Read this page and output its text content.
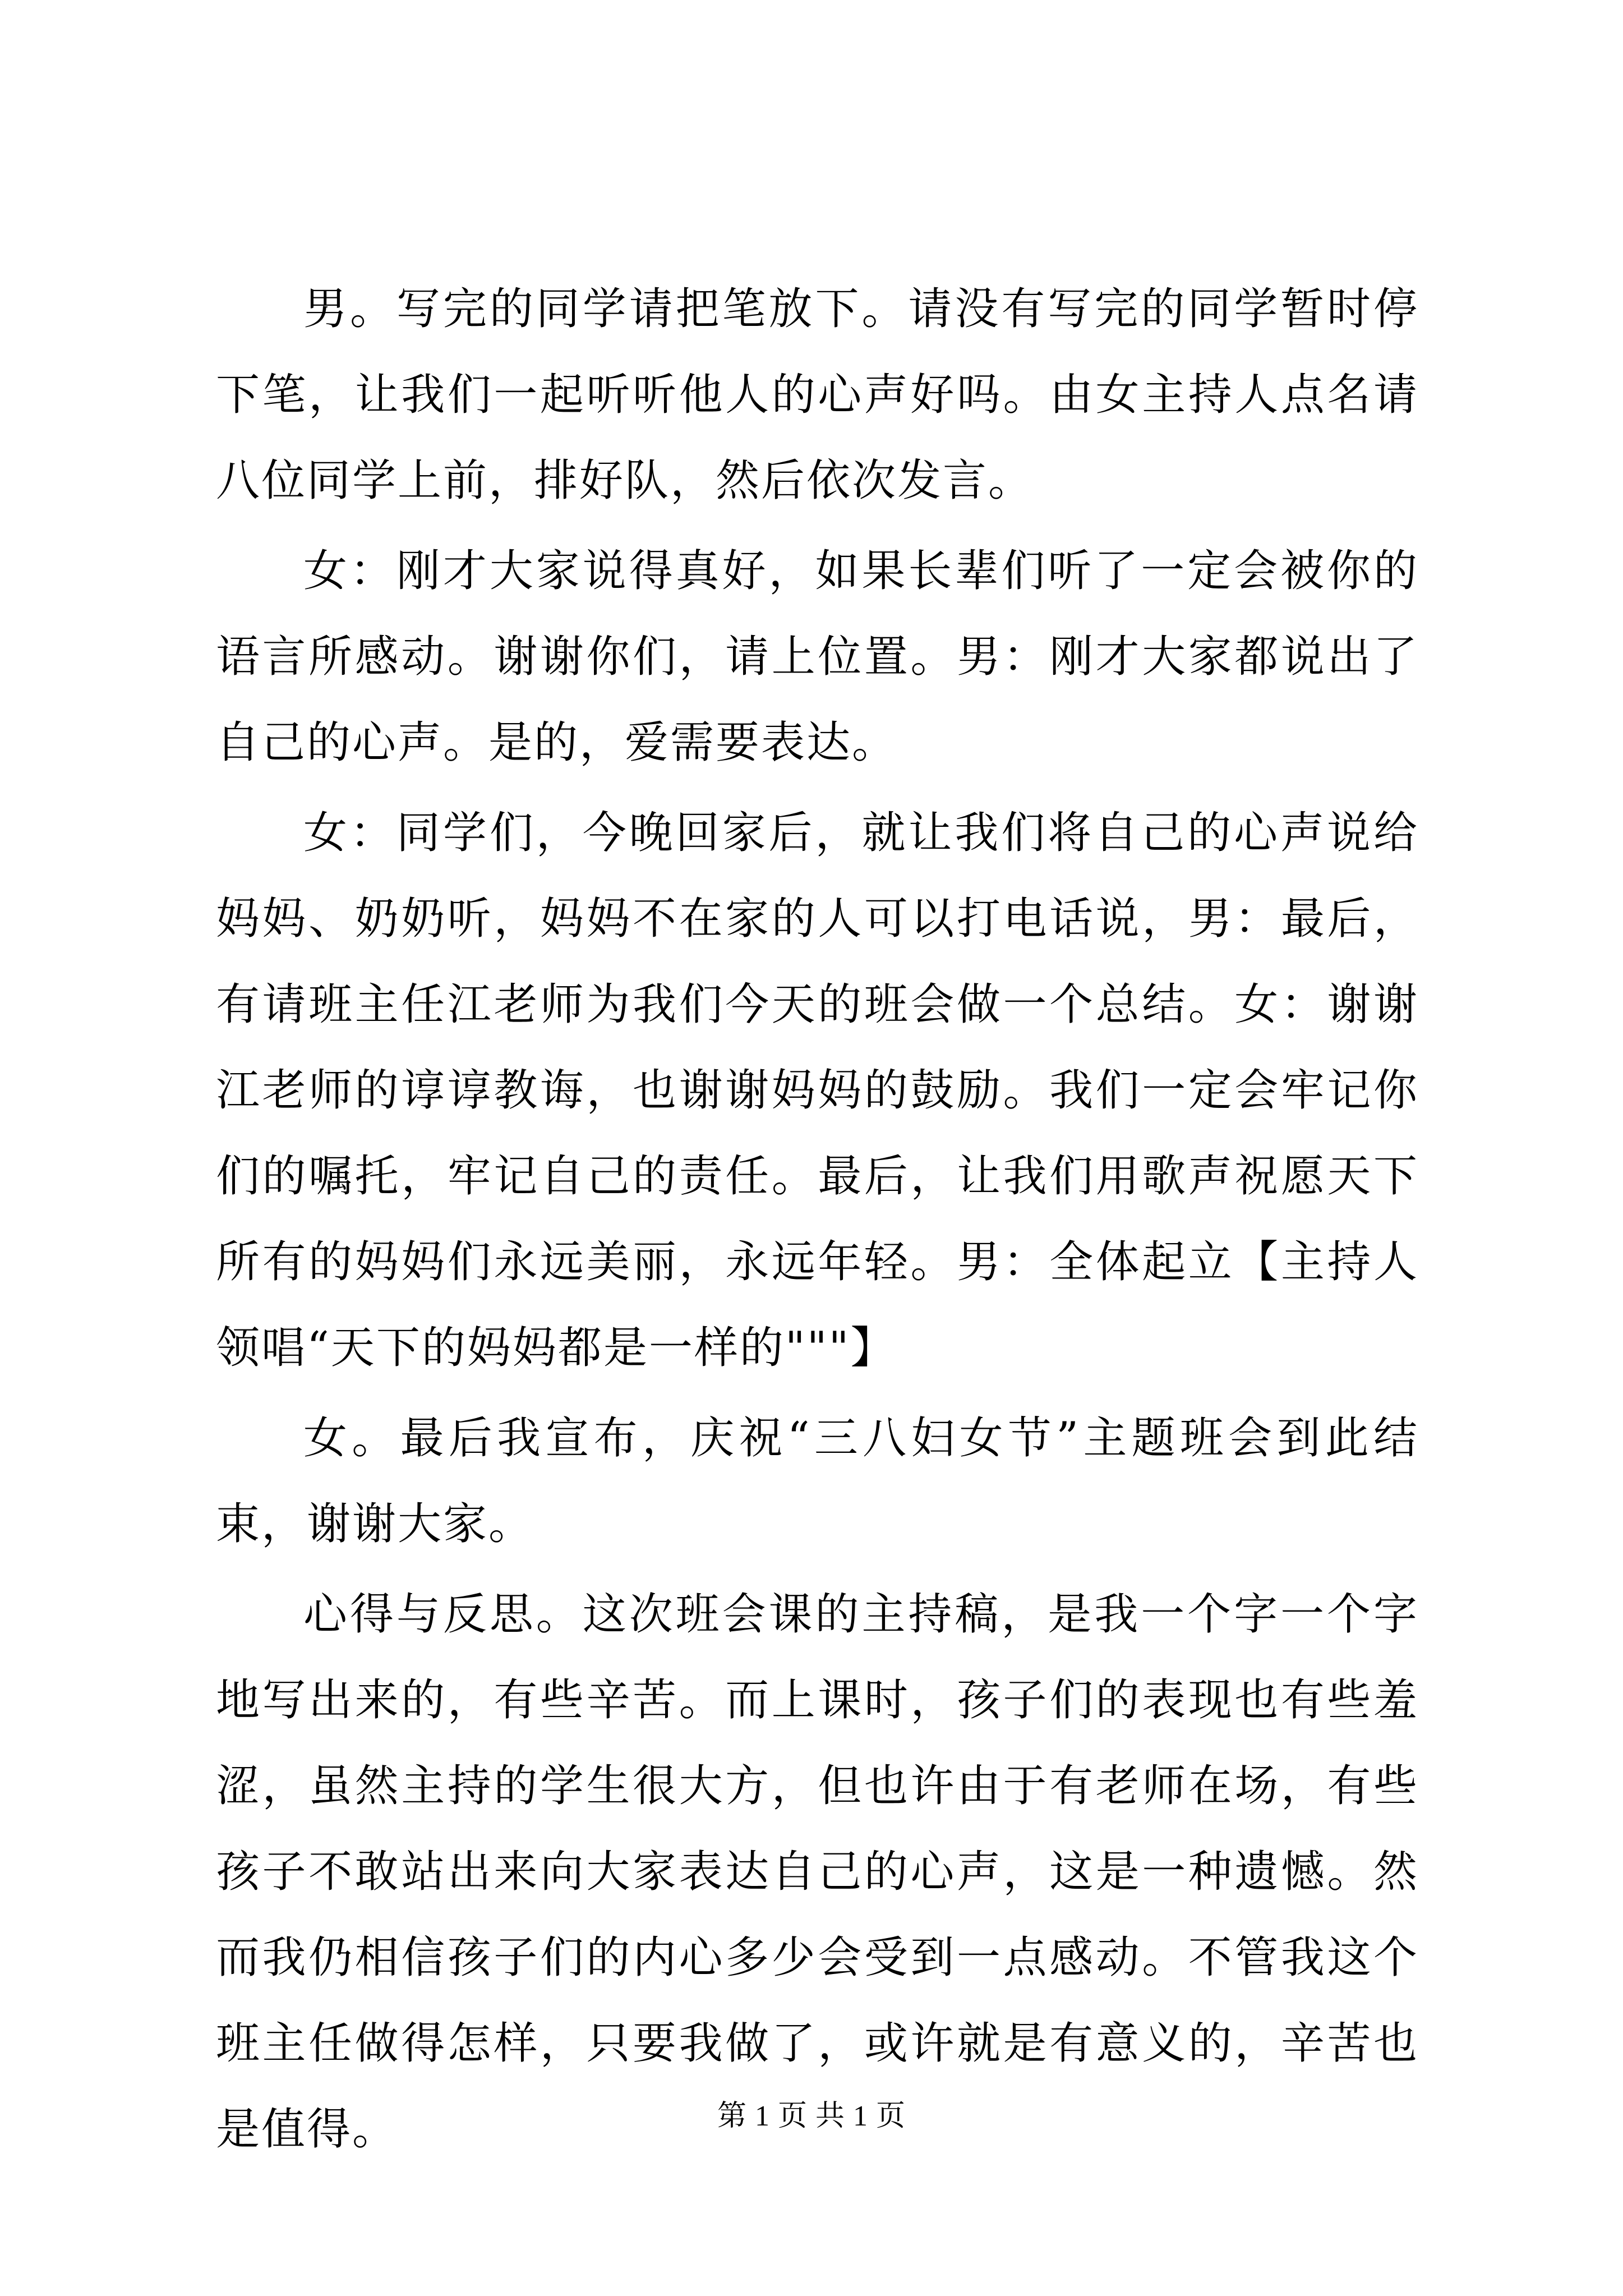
男。写完的同学请把笔放下。请没有写完的同学暂时停下笔，让我们一起听听他人的心声好吗。由女主持人点名请八位同学上前，排好队，然后依次发言。

女：刚才大家说得真好，如果长辈们听了一定会被你的语言所感动。谢谢你们，请上位置。男：刚才大家都说出了自己的心声。是的，爱需要表达。

女：同学们，今晚回家后，就让我们将自己的心声说给妈妈、奶奶听，妈妈不在家的人可以打电话说，男：最后，有请班主任江老师为我们今天的班会做一个总结。女：谢谢江老师的谆谆教诲，也谢谢妈妈的鼓励。我们一定会牢记你们的嘱托，牢记自己的责任。最后，让我们用歌声祝愿天下所有的妈妈们永远美丽，永远年轻。男：全体起立【主持人领唱“天下的妈妈都是一样的"""】

女。最后我宣布，庆祝“三八妇女节”主题班会到此结束，谢谢大家。

心得与反思。这次班会课的主持稿，是我一个字一个字地写出来的，有些辛苦。而上课时，孩子们的表现也有些羞涩，虽然主持的学生很大方，但也许由于有老师在场，有些孩子不敢站出来向大家表达自己的心声，这是一种遗憾。然而我仍相信孩子们的内心多少会受到一点感动。不管我这个班主任做得怎样，只要我做了，或许就是有意义的，辛苦也是值得。	第 1 页 共 1 页
